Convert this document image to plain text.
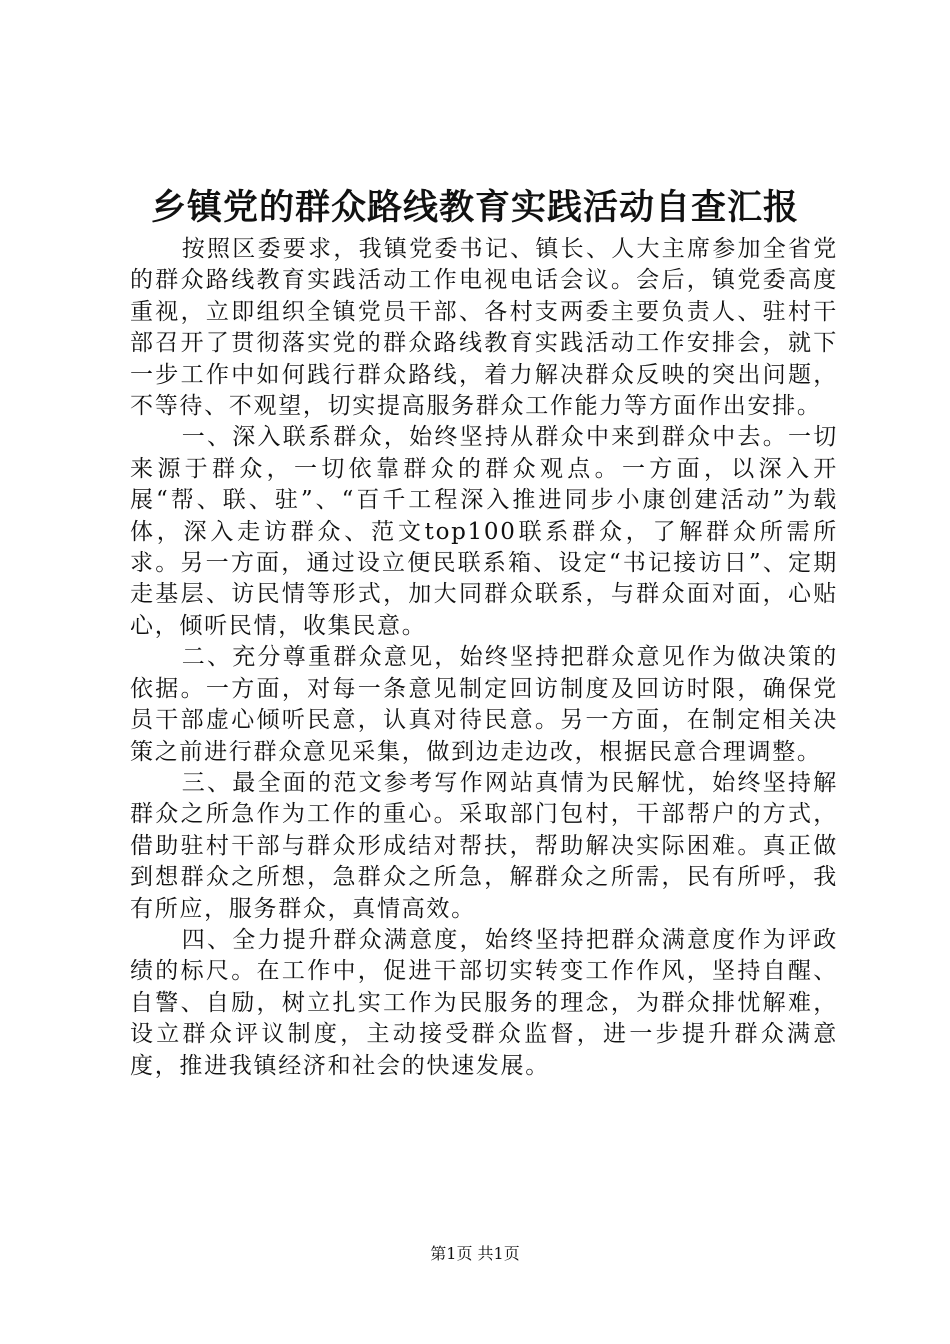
乡镇党的群众路线教育实践活动自查汇报

按照区委要求，我镇党委书记、镇长、人大主席参加全省党的群众路线教育实践活动工作电视电话会议。会后，镇党委高度重视，立即组织全镇党员干部、各村支两委主要负责人、驻村干部召开了贯彻落实党的群众路线教育实践活动工作安排会，就下一步工作中如何践行群众路线，着力解决群众反映的突出问题，不等待、不观望，切实提高服务群众工作能力等方面作出安排。

一、深入联系群众，始终坚持从群众中来到群众中去。一切来源于群众，一切依靠群众的群众观点。一方面，以深入开展“帮、联、驻”、“百千工程深入推进同步小康创建活动”为载体，深入走访群众、范文top100联系群众，了解群众所需所求。另一方面，通过设立便民联系箱、设定“书记接访日”、定期走基层、访民情等形式，加大同群众联系，与群众面对面，心贴心，倾听民情，收集民意。

二、充分尊重群众意见，始终坚持把群众意见作为做决策的依据。一方面，对每一条意见制定回访制度及回访时限，确保党员干部虚心倾听民意，认真对待民意。另一方面，在制定相关决策之前进行群众意见采集，做到边走边改，根据民意合理调整。

三、最全面的范文参考写作网站真情为民解忧，始终坚持解群众之所急作为工作的重心。采取部门包村，干部帮户的方式，借助驻村干部与群众形成结对帮扶，帮助解决实际困难。真正做到想群众之所想，急群众之所急，解群众之所需，民有所呼，我有所应，服务群众，真情高效。

四、全力提升群众满意度，始终坚持把群众满意度作为评政绩的标尺。在工作中，促进干部切实转变工作作风，坚持自醒、自警、自励，树立扎实工作为民服务的理念，为群众排忧解难，设立群众评议制度，主动接受群众监督，进一步提升群众满意度，推进我镇经济和社会的快速发展。

第1页 共1页
